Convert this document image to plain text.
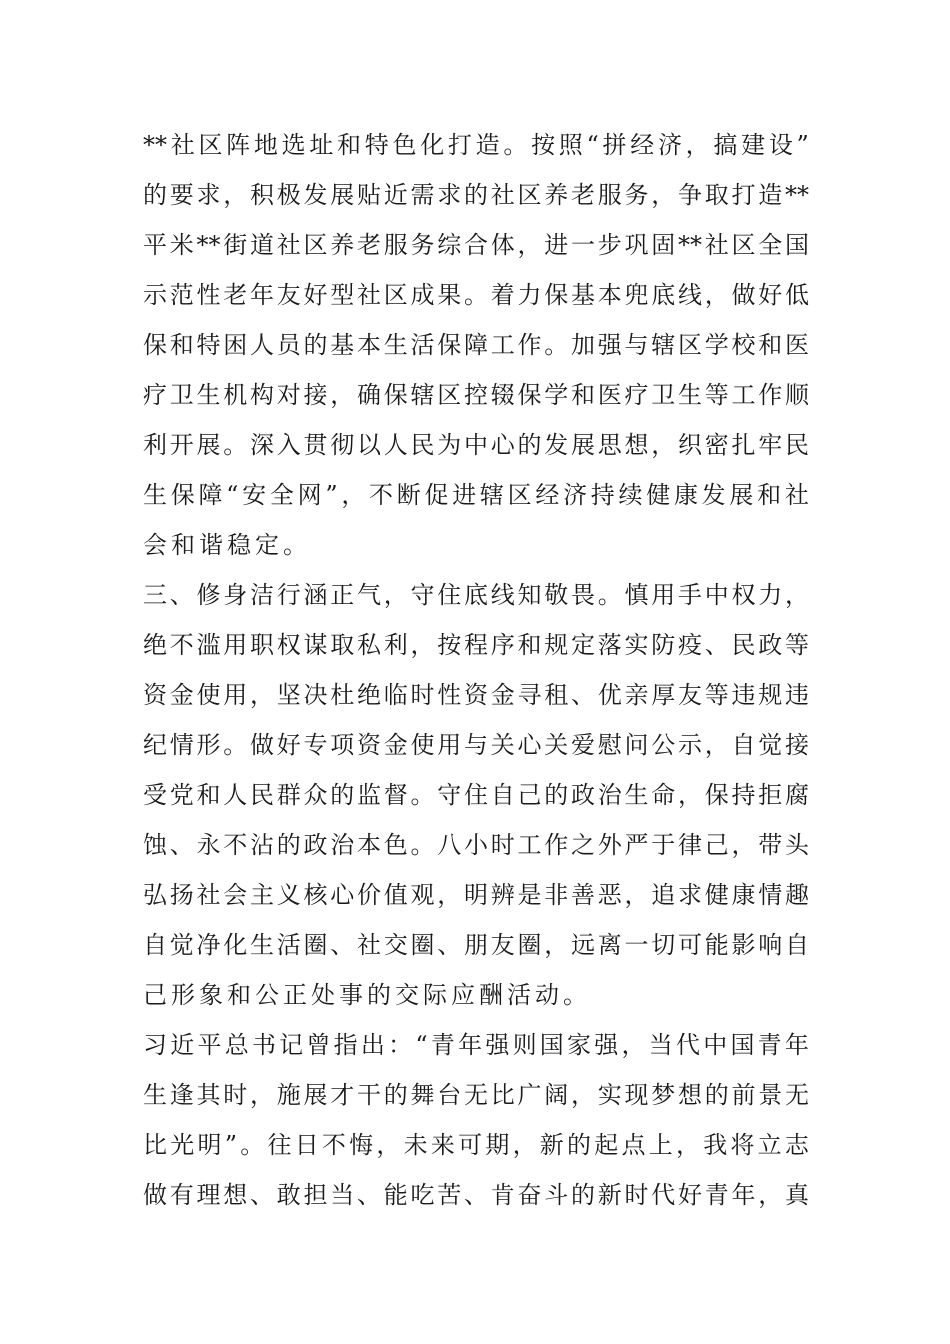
** 社 区 阵 地 选 址 和 特 色 化 打 造 。 按 照 “ 拼 经 济 ， 搞 建 设 ”
的 要 求 ， 积 极 发 展 贴 近 需 求 的 社 区 养 老 服 务 ， 争 取 打 造 **
平 米 ** 街 道 社 区 养 老 服 务 综 合 体 ， 进 一 步 巩 固 ** 社 区 全 国
示 范 性 老 年 友 好 型 社 区 成 果 。 着 力 保 基 本 兜 底 线 ， 做 好 低
保 和 特 困 人 员 的 基 本 生 活 保 障 工 作 。 加 强 与 辖 区 学 校 和 医
疗 卫 生 机 构 对 接 ， 确 保 辖 区 控 辍 保 学 和 医 疗 卫 生 等 工 作 顺
利 开 展 。 深 入 贯 彻 以 人 民 为 中 心 的 发 展 思 想 ， 织 密 扎 牢 民
生 保 障 “ 安 全 网 ” ， 不 断 促 进 辖 区 经 济 持 续 健 康 发 展 和 社
会和谐稳定。
三 、 修 身 洁 行 涵 正 气 ， 守 住 底 线 知 敬 畏 。 慎 用 手 中 权 力 ，
绝 不 滥 用 职 权 谋 取 私 利 ， 按 程 序 和 规 定 落 实 防 疫 、 民 政 等
资 金 使 用 ， 坚 决 杜 绝 临 时 性 资 金 寻 租 、 优 亲 厚 友 等 违 规 违
纪 情 形 。 做 好 专 项 资 金 使 用 与 关 心 关 爱 慰 问 公 示 ， 自 觉 接
受 党 和 人 民 群 众 的 监 督 。 守 住 自 己 的 政 治 生 命 ， 保 持 拒 腐
蚀 、 永 不 沾 的 政 治 本 色 。 八 小 时 工 作 之 外 严 于 律 己 ， 带 头
弘 扬 社 会 主 义 核 心 价 值 观 ， 明 辨 是 非 善 恶 ， 追 求 健 康 情 趣
自 觉 净 化 生 活 圈 、 社 交 圈 、 朋 友 圈 ， 远 离 一 切 可 能 影 响 自
己形象和公正处事的交际应酬活动。
习 近 平 总 书 记 曾 指 出 ： “ 青 年 强 则 国 家 强 ， 当 代 中 国 青 年
生 逢 其 时 ， 施 展 才 干 的 舞 台 无 比 广 阔 ， 实 现 梦 想 的 前 景 无
比 光 明 ” 。 往 日 不 悔 ， 未 来 可 期 ， 新 的 起 点 上 ， 我 将 立 志
做 有 理 想 、 敢 担 当 、 能 吃 苦 、 肯 奋 斗 的 新 时 代 好 青 年 ， 真
